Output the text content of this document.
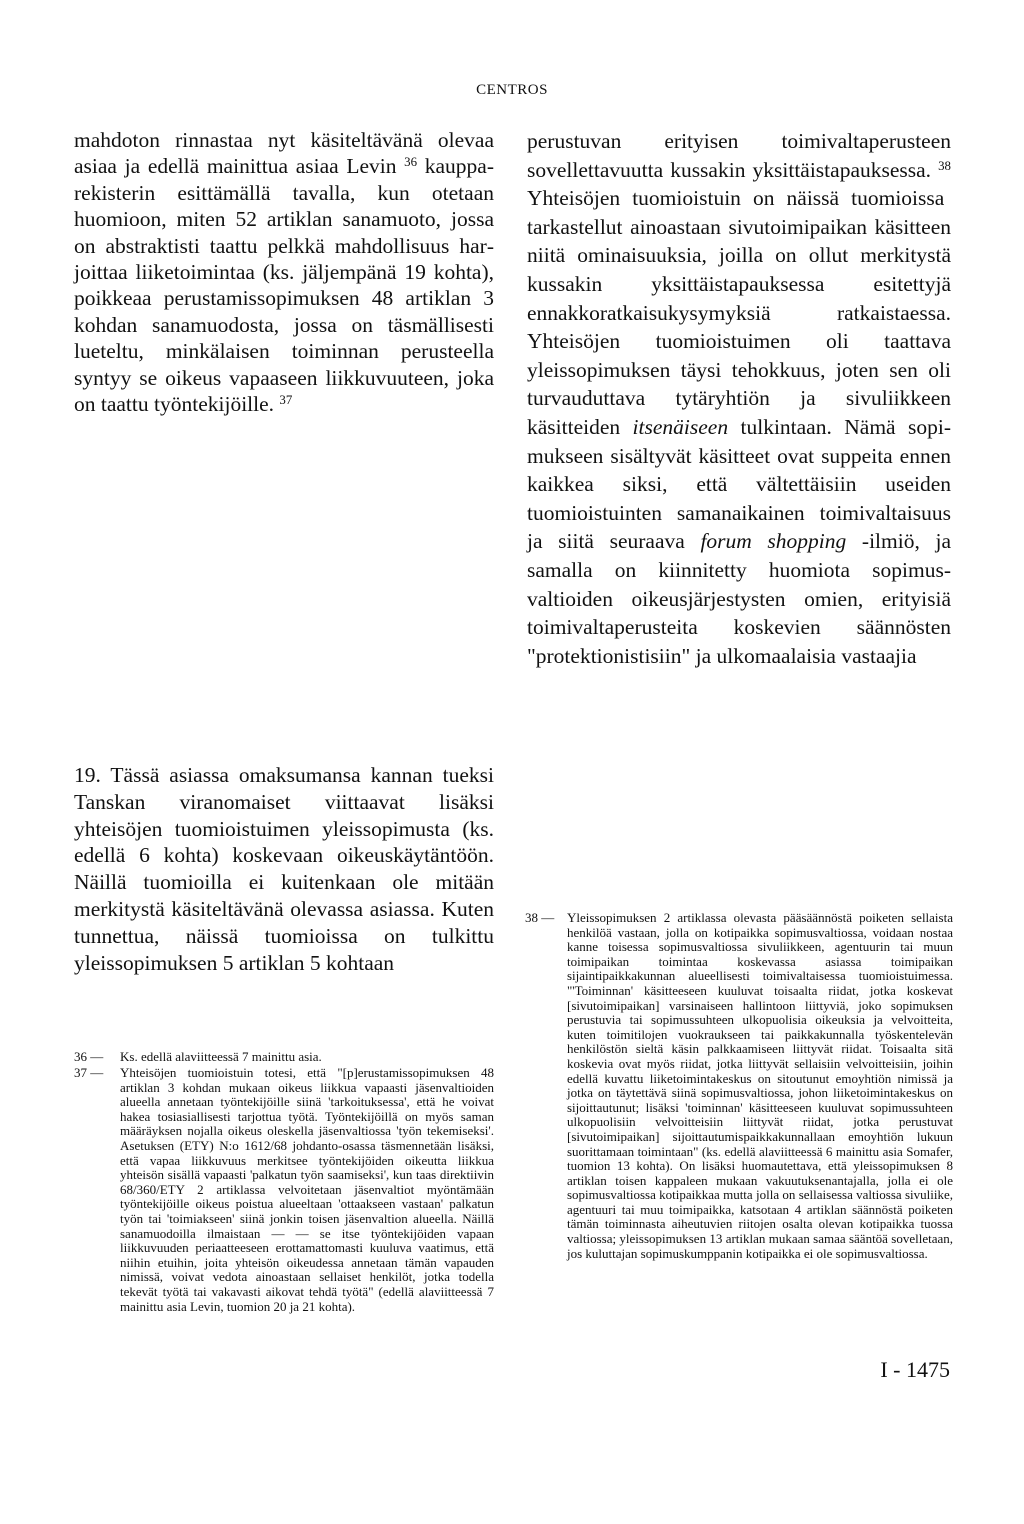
CENTROS

mahdoton rinnastaa nyt käsiteltävänä olevaa asiaa ja edellä mainittua asiaa Levin $^{36}$ kaupparekisterin esittämällä tavalla, kun otetaan huomioon, miten 52 artiklan sanamuoto, jossa on abstraktisti taattu pelkkä mahdollisuus harjoittaa liiketoimintaa (ks. jäljempänä 19 kohta), poikkeaa perustamissopimuksen 48 artiklan 3 kohdan sanamuodosta, jossa on täsmällisesti lueteltu, minkälaisen toiminnan perusteella syntyy se oikeus vapaaseen liikkuvuuteen, joka on taattu työntekijöille. $^{37}$

perustuvan erityisen toimivaltaperusteen sovellettavuutta kussakin yksittäistapauksessa. $^{38}$ Yhteisöjen tuomioistuin on näissä tuomioissa tarkastellut ainoastaan sivutoimipaikan käsitteen niitä ominaisuuksia, joilla on ollut merkitystä kussakin yksittäistapauksessa esitettyjä ennakkoratkaisukysymyksiä ratkaistaessa. Yhteisöjen tuomioistuimen oli taattava yleissopimuksen täysi tehokkuus, joten sen oli turvauduttava tytäryhtiön ja sivuliikkeen käsitteiden itsenäiseen tulkintaan. Nämä sopimukseen sisältyvät käsitteet ovat suppeita ennen kaikkea siksi, että vältettäisiin useiden tuomioistuinten samanaikainen toimivaltaisuus ja siitä seuraava forum shopping -ilmiö, ja samalla on kiinnitetty huomiota sopimusvaltioiden oikeusjärjestysten omien, erityisiä toimivaltaperusteita koskevien säännösten "protektionistisiin" ja ulkomaalaisia vastaajia

19. Tässä asiassa omaksumansa kannan tueksi Tanskan viranomaiset viittaavat lisäksi yhteisöjen tuomioistuimen yleissopimusta (ks. edellä 6 kohta) koskevaan oikeuskäytäntöön. Näillä tuomioilla ei kuitenkaan ole mitään merkitystä käsiteltävänä olevassa asiassa. Kuten tunnettua, näissä tuomioissa on tulkittu yleissopimuksen 5 artiklan 5 kohtaan

36 —	Ks. edellä alaviitteessä 7 mainittu asia.
37 —	Yhteisöjen tuomioistuin totesi, että "[p]erustamissopimuksen 48 artiklan 3 kohdan mukaan oikeus liikkua vapaasti jäsenvaltioiden alueella annetaan työntekijöille siinä 'tarkoituksessa', että he voivat hakea tosiasiallisesti tarjottua työtä. Työntekijöillä on myös saman määräyksen nojalla oikeus oleskella jäsenvaltiossa 'työn tekemiseksi'. Asetuksen (ETY) N:o 1612/68 johdanto-osassa täsmennetään lisäksi, että vapaa liikkuvuus merkitsee työntekijöiden oikeutta liikkua yhteisön sisällä vapaasti 'palkatun työn saamiseksi', kun taas direktiivin 68/360/ETY 2 artiklassa velvoitetaan jäsenvaltiot myöntämään työntekijöille oikeus poistua alueeltaan 'ottaakseen vastaan' palkatun työn tai 'toimiakseen' siinä jonkin toisen jäsenvaltion alueella. Näillä sanamuodoilla ilmaistaan — — se itse työntekijöiden vapaan liikkuvuuden periaatteeseen erottamattomasti kuuluva vaatimus, että niihin etuihin, joita yhteisön oikeudessa annetaan tämän vapauden nimissä, voivat vedota ainoastaan sellaiset henkilöt, jotka todella tekevät työtä tai vakavasti aikovat tehdä työtä" (edellä alaviitteessä 7 mainittu asia Levin, tuomion 20 ja 21 kohta).
38 — Yleissopimuksen 2 artiklassa olevasta pääsäännöstä poiketen sellaista henkilöä vastaan, jolla on kotipaikka sopimusvaltiossa, voidaan nostaa kanne toisessa sopimusvaltiossa sivuliikkeen, agentuurin tai muun toimipaikan toimintaa koskevassa asiassa toimipaikan sijaintipaikkakunnan alueellisesti toimivaltaisessa tuomioistuimessa. "'Toiminnan' käsitteeseen kuuluvat toisaalta riidat, jotka koskevat [sivutoimipaikan] varsinaiseen hallintoon liittyviä, joko sopimuksen perustuvia tai sopimussuhteen ulkopuolisia oikeuksia ja velvoitteita, kuten toimitilojen vuokraukseen tai paikkakunnalla työskentelevän henkilöstön sieltä käsin palkkaamiseen liittyvät riidat. Toisaalta sitä koskevia ovat myös riidat, jotka liittyvät sellaisiin velvoitteisiin, joihin edellä kuvattu liiketoimintakeskus on sitoutunut emoyhtiön nimissä ja jotka on täytettävä siinä sopimusvaltiossa, johon liiketoimintakeskus on sijoittautunut; lisäksi 'toiminnan' käsitteeseen kuuluvat sopimussuhteen ulkopuolisiin velvoitteisiin liittyvät riidat, jotka perustuvat [sivutoimipaikan] sijoittautumispaikkakunnallaan emoyhtiön lukuun suorittamaan toimintaan" (ks. edellä alaviitteessä 6 mainittu asia Somafer, tuomion 13 kohta). On lisäksi huomautettava, että yleissopimuksen 8 artiklan toisen kappaleen mukaan vakuutuksenantajalla, jolla ei ole sopimusvaltiossa kotipaikkaa mutta jolla on sellaisessa valtiossa sivuliike, agentuuri tai muu toimipaikka, katsotaan 4 artiklan säännöstä poiketen tämän toiminnasta aiheutuvien riitojen osalta olevan kotipaikka tuossa valtiossa; yleissopimuksen 13 artiklan mukaan samaa sääntöä sovelletaan, jos kuluttajan sopimuskumppanin kotipaikka ei ole sopimusvaltiossa.
I - 1475
